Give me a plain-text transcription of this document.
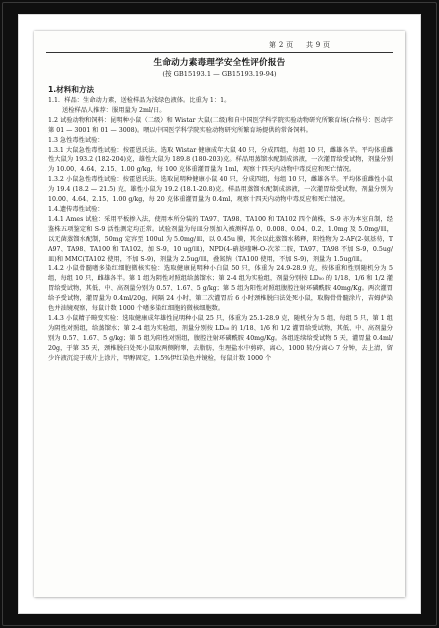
第 2 页 共 9 页
生命动力素毒理学安全性评价报告
(按 GB15193.1 — GB15193.19-94)

1.材料和方法

1.1．样品：生命动力素，送检样品为浅绿色液体。比重为 1：1。

送检样品人推荐：服用量为 2ml/日。

1.2 试验动物和饲料：昆明种小鼠（二级）和 Wistar 大鼠(二级)和自中国医学科学院实验动物研究所繁育场(合格号：医动字第 01 — 3001 和 01 — 3008)。喂以中国医学科学院实验动物研究所繁育场提供的常备饲料。

1.3 急性毒性试验：

1.3.1 大鼠急性毒性试验：按霍恩氏法。选取 Wistar 健康成年大鼠 40 只，分成四组，每组 10 只，雌雄各半。平均体重雌性大鼠为 193.2 (182-204)克，雄性大鼠为 189.8 (180-203)克。样品用蒸馏水配制成溶液，一次灌胃给受试物，剂量分别为 10.00、4.64、2.15、1.00 g/kg，每 100 克体重灌胃量为 1ml，观察十四天内动物中毒反应和死亡情况。

1.3.2 小鼠急性毒性试验：按霍恩氏法。选取昆明种健康小鼠 40 只，分成四组，每组 10 只，雌雄各半。平均体重雌性小鼠为 19.4 (18.2 — 21.5) 克，雄性小鼠为 19.2 (18.1-20.8)克。样品用蒸馏水配制成溶液，一次灌胃给受试物，剂量分别为 10.00、4.64、2.15、1.00 g/kg，每 20 克体重灌胃量为 0.4ml，观察十四天内动物中毒反应和死亡情况。

1.4.遗传毒性试验：

1.4.1 Ames 试验：采用平板掺入法，使用本所分装的 TA97、TA98、TA100 和 TA102 四个菌株，S-9 亦为本室自制，经鉴株五项鉴定和 S-9 活性测定均正常。试验剂量为每皿分别加入被测样品 0、0.008、0.04、0.2、1.0mg 及 5.0mg/皿，以无菌蒸馏水配制，50mg 定容至 100ul 为 5.0mg/皿，以 0.45u 膜，其余以此蒸馏水稀释，阳性物为 2-AF(2-氨基芴，TA97、TA98、TA100 和 TA102，加 S-9，10 ug/皿)，NPD(4-硝基喹啉-O-次苯二胺，TA97、TA98 不加 S-9，0.5ug/皿)和 MMC(TA102 使用，不加 S-9)，剂量为 2.5ug/皿，叠氮钠（TA100 使用，不加 S-9)，剂量为 1.5ug/皿。

1.4.2 小鼠骨髓嗜多染红细胞微核实验：选取健康昆明种小白鼠 50 只，体重为 24.9-28.9 克，按体重和性别随机分为 5 组，每组 10 只，雌雄各半。第 1 组为阴性对照组给蒸馏水；第 2-4 组为实验组，剂量分别按 LD₅₀ 的 1/18、1/6 和 1/2 灌胃给受试物，其低、中、高剂量分别为 0.57、1.67、5 g/kg；第 5 组为阳性对照组腹腔注射环磷酰胺 40mg/Kg。两次灌胃给予受试物，灌胃量为 0.4ml/20g，间隔 24 小时，第二次灌胃后 6 小时颈椎脱臼法处死小鼠，取胸骨骨髓涂片，吉姆萨染色并油镜观察，每鼠计数 1000 个嗜多染红细胞的微核细胞数。

1.4.3 小鼠精子畸变实验：选取健康成年雄性昆明种小鼠 25 只，体重为 25.1-28.9 克，随机分为 5 组，每组 5 只，第 1 组为阴性对照组，给蒸馏水；第 2-4 组为实验组，剂量分别按 LD₅₀ 的 1/18、1/6 和 1/2 灌胃给受试物，其低、中、高剂量分别为 0.57、1.67、5 g/kg；第 5 组为阳性对照组，腹腔注射环磷酰胺 40mg/Kg。各组连续给受试物 5 天，灌胃量 0.4ml/20g，于第 35 天，颈椎脱臼处死小鼠取两侧附睾，去脂肪，生理盐水中剪碎，离心，1000 转/分离心 7 分钟，去上清，留少许液沉淀于玻片上涂片，甲醇固定，1.5%伊红染色并镜检，每鼠计数 1000 个
